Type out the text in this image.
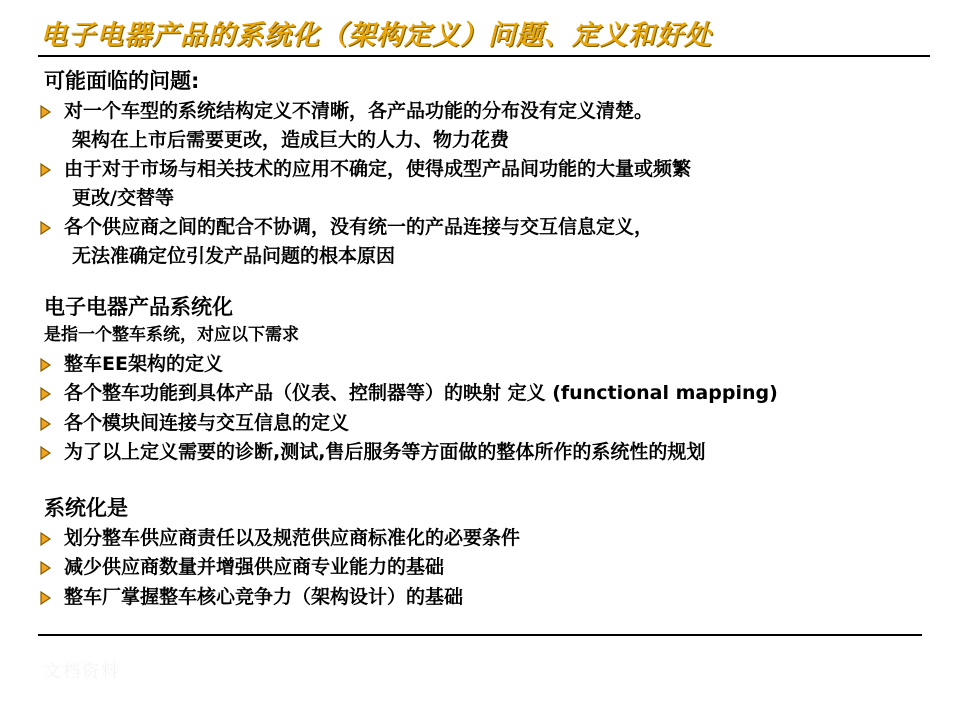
电子电器产品的系统化（架构定义）问题、定义和好处
可能面临的问题:
对一个车型的系统结构定义不清晰，各产品功能的分布没有定义清楚。
架构在上市后需要更改，造成巨大的人力、物力花费
由于对于市场与相关技术的应用不确定，使得成型产品间功能的大量或频繁
更改/交替等
各个供应商之间的配合不协调，没有统一的产品连接与交互信息定义，
无法准确定位引发产品问题的根本原因
电子电器产品系统化
是指一个整车系统，对应以下需求
整车EE架构的定义
各个整车功能到具体产品（仪表、控制器等）的映射 定义 (functional mapping)
各个模块间连接与交互信息的定义
为了以上定义需要的诊断,测试,售后服务等方面做的整体所作的系统性的规划
系统化是
划分整车供应商责任以及规范供应商标准化的必要条件
减少供应商数量并增强供应商专业能力的基础
整车厂掌握整车核心竞争力（架构设计）的基础
文档资料
